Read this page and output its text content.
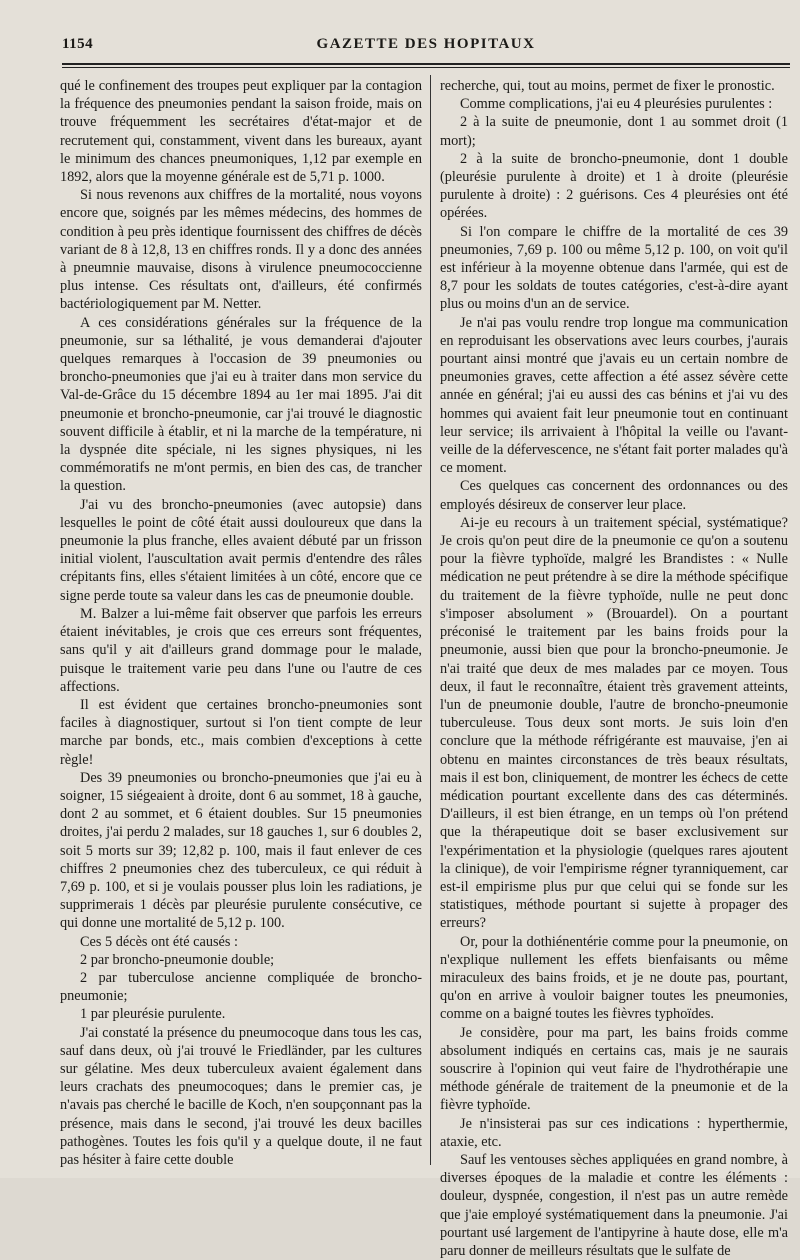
1154	GAZETTE DES HOPITAUX

qué le confinement des troupes peut expliquer par la contagion la fréquence des pneumonies pendant la saison froide, mais on trouve fréquemment les secrétaires d'état-major et de recrutement qui, constamment, vivent dans les bureaux, ayant le minimum des chances pneumoniques, 1,12 par exemple en 1892, alors que la moyenne générale est de 5,71 p. 1000.

Si nous revenons aux chiffres de la mortalité, nous voyons encore que, soignés par les mêmes médecins, des hommes de condition à peu près identique fournissent des chiffres de décès variant de 8 à 12,8, 13 en chiffres ronds. Il y a donc des années à pneumnie mauvaise, disons à virulence pneumococcienne plus intense. Ces résultats ont, d'ailleurs, été confirmés bactériologiquement par M. Netter.

A ces considérations générales sur la fréquence de la pneumonie, sur sa léthalité, je vous demanderai d'ajouter quelques remarques à l'occasion de 39 pneumonies ou broncho-pneumonies que j'ai eu à traiter dans mon service du Val-de-Grâce du 15 décembre 1894 au 1er mai 1895. J'ai dit pneumonie et broncho-pneumonie, car j'ai trouvé le diagnostic souvent difficile à établir, et ni la marche de la température, ni la dyspnée dite spéciale, ni les signes physiques, ni les commémoratifs ne m'ont permis, en bien des cas, de trancher la question.

J'ai vu des broncho-pneumonies (avec autopsie) dans lesquelles le point de côté était aussi douloureux que dans la pneumonie la plus franche, elles avaient débuté par un frisson initial violent, l'auscultation avait permis d'entendre des râles crépitants fins, elles s'étaient limitées à un côté, encore que ce signe perde toute sa valeur dans les cas de pneumonie double.

M. Balzer a lui-même fait observer que parfois les erreurs étaient inévitables, je crois que ces erreurs sont fréquentes, sans qu'il y ait d'ailleurs grand dommage pour le malade, puisque le traitement varie peu dans l'une ou l'autre de ces affections.

Il est évident que certaines broncho-pneumonies sont faciles à diagnostiquer, surtout si l'on tient compte de leur marche par bonds, etc., mais combien d'exceptions à cette règle!

Des 39 pneumonies ou broncho-pneumonies que j'ai eu à soigner, 15 siégeaient à droite, dont 6 au sommet, 18 à gauche, dont 2 au sommet, et 6 étaient doubles. Sur 15 pneumonies droites, j'ai perdu 2 malades, sur 18 gauches 1, sur 6 doubles 2, soit 5 morts sur 39; 12,82 p. 100, mais il faut enlever de ces chiffres 2 pneumonies chez des tuberculeux, ce qui réduit à 7,69 p. 100, et si je voulais pousser plus loin les radiations, je supprimerais 1 décès par pleurésie purulente consécutive, ce qui donne une mortalité de 5,12 p. 100.

Ces 5 décès ont été causés :

2 par broncho-pneumonie double;

2 par tuberculose ancienne compliquée de broncho-pneumonie;

1 par pleurésie purulente.

J'ai constaté la présence du pneumocoque dans tous les cas, sauf dans deux, où j'ai trouvé le Friedländer, par les cultures sur gélatine. Mes deux tuberculeux avaient également dans leurs crachats des pneumocoques; dans le premier cas, je n'avais pas cherché le bacille de Koch, n'en soupçonnant pas la présence, mais dans le second, j'ai trouvé les deux bacilles pathogènes. Toutes les fois qu'il y a quelque doute, il ne faut pas hésiter à faire cette double

recherche, qui, tout au moins, permet de fixer le pronostic.

Comme complications, j'ai eu 4 pleurésies purulentes :

2 à la suite de pneumonie, dont 1 au sommet droit (1 mort);

2 à la suite de broncho-pneumonie, dont 1 double (pleurésie purulente à droite) et 1 à droite (pleurésie purulente à droite) : 2 guérisons. Ces 4 pleurésies ont été opérées.

Si l'on compare le chiffre de la mortalité de ces 39 pneumonies, 7,69 p. 100 ou même 5,12 p. 100, on voit qu'il est inférieur à la moyenne obtenue dans l'armée, qui est de 8,7 pour les soldats de toutes catégories, c'est-à-dire ayant plus ou moins d'un an de service.

Je n'ai pas voulu rendre trop longue ma communication en reproduisant les observations avec leurs courbes, j'aurais pourtant ainsi montré que j'avais eu un certain nombre de pneumonies graves, cette affection a été assez sévère cette année en général; j'ai eu aussi des cas bénins et j'ai vu des hommes qui avaient fait leur pneumonie tout en continuant leur service; ils arrivaient à l'hôpital la veille ou l'avant-veille de la défervescence, ne s'étant fait porter malades qu'à ce moment.

Ces quelques cas concernent des ordonnances ou des employés désireux de conserver leur place.

Ai-je eu recours à un traitement spécial, systématique? Je crois qu'on peut dire de la pneumonie ce qu'on a soutenu pour la fièvre typhoïde, malgré les Brandistes : « Nulle médication ne peut prétendre à se dire la méthode spécifique du traitement de la fièvre typhoïde, nulle ne peut donc s'imposer absolument » (Brouardel). On a pourtant préconisé le traitement par les bains froids pour la pneumonie, aussi bien que pour la broncho-pneumonie. Je n'ai traité que deux de mes malades par ce moyen. Tous deux, il faut le reconnaître, étaient très gravement atteints, l'un de pneumonie double, l'autre de broncho-pneumonie tuberculeuse. Tous deux sont morts. Je suis loin d'en conclure que la méthode réfrigérante est mauvaise, j'en ai obtenu en maintes circonstances de très beaux résultats, mais il est bon, cliniquement, de montrer les échecs de cette médication pourtant excellente dans des cas déterminés. D'ailleurs, il est bien étrange, en un temps où l'on prétend que la thérapeutique doit se baser exclusivement sur l'expérimentation et la physiologie (quelques rares ajoutent la clinique), de voir l'empirisme régner tyranniquement, car est-il empirisme plus pur que celui qui se fonde sur les statistiques, méthode pourtant si sujette à propager des erreurs?

Or, pour la dothiénentérie comme pour la pneumonie, on n'explique nullement les effets bienfaisants ou même miraculeux des bains froids, et je ne doute pas, pourtant, qu'on en arrive à vouloir baigner toutes les pneumonies, comme on a baigné toutes les fièvres typhoïdes.

Je considère, pour ma part, les bains froids comme absolument indiqués en certains cas, mais je ne saurais souscrire à l'opinion qui veut faire de l'hydrothérapie une méthode générale de traitement de la pneumonie et de la fièvre typhoïde.

Je n'insisterai pas sur ces indications : hyperthermie, ataxie, etc.

Sauf les ventouses sèches appliquées en grand nombre, à diverses époques de la maladie et contre les éléments : douleur, dyspnée, congestion, il n'est pas un autre remède que j'aie employé systématiquement dans la pneumonie. J'ai pourtant usé largement de l'antipyrine à haute dose, elle m'a paru donner de meilleurs résultats que le sulfate de
